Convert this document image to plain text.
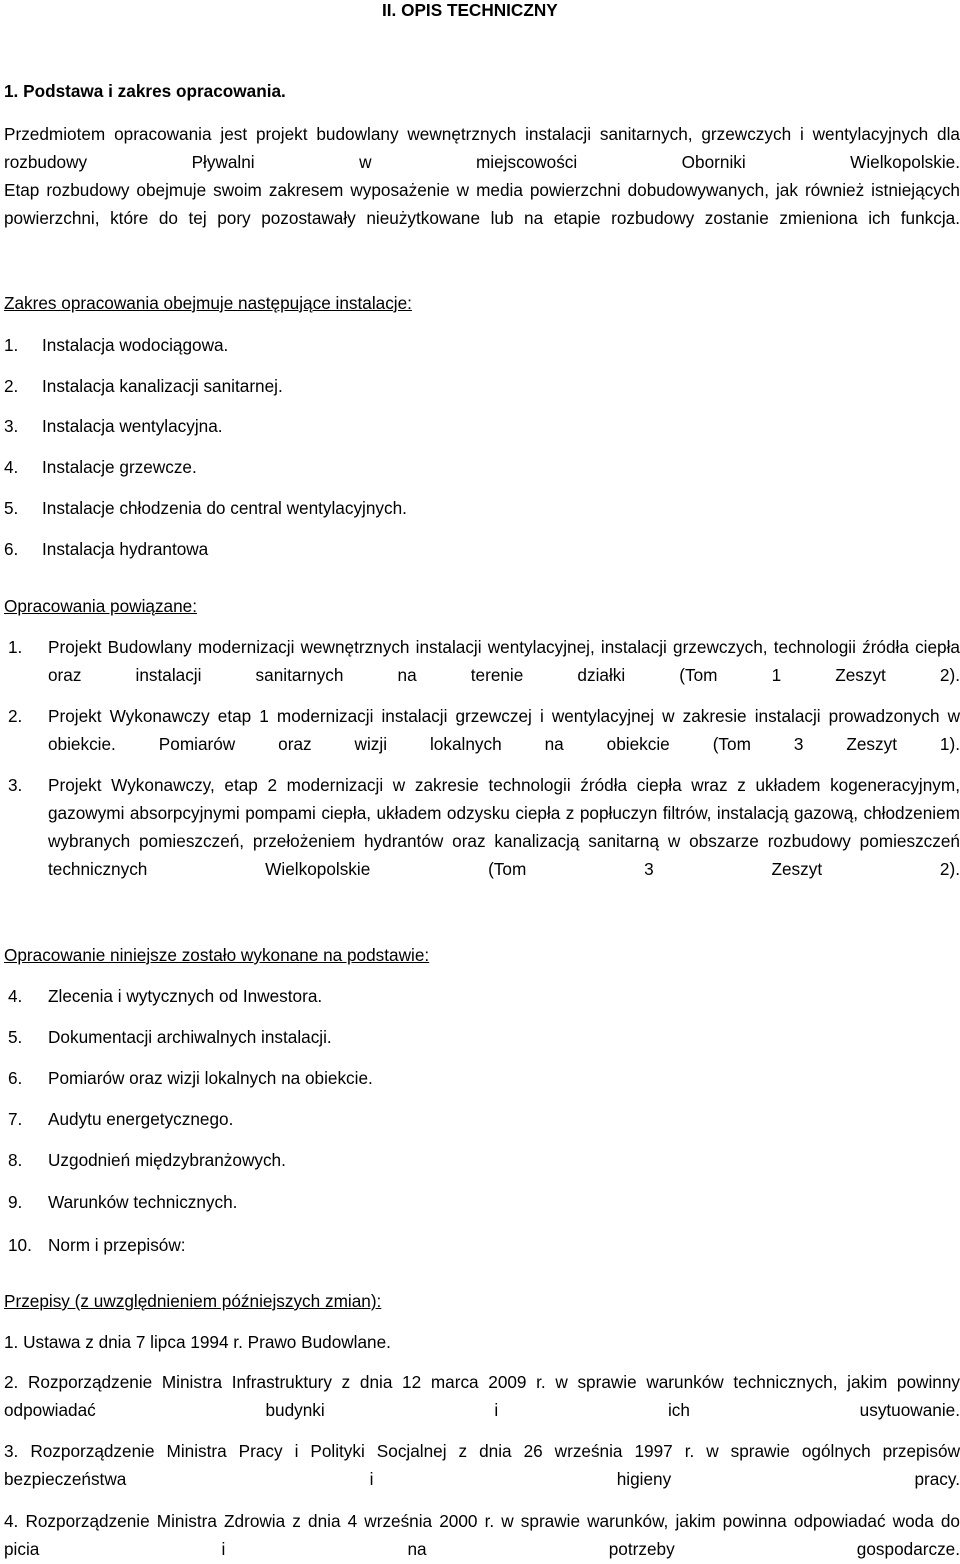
II. OPIS TECHNICZNY

1. Podstawa i zakres opracowania.

Przedmiotem opracowania jest projekt budowlany wewnętrznych instalacji sanitarnych, grzewczych i wentylacyjnych dla rozbudowy Pływalni w miejscowości Oborniki Wielkopolskie.

Etap rozbudowy obejmuje swoim zakresem wyposażenie w media powierzchni dobudowywanych, jak również istniejących powierzchni, które do tej pory pozostawały nieużytkowane lub na etapie rozbudowy zostanie zmieniona ich funkcja.

Zakres opracowania obejmuje następujące instalacje:

1. Instalacja wodociągowa.
2. Instalacja kanalizacji sanitarnej.
3. Instalacja wentylacyjna.
4. Instalacje grzewcze.
5. Instalacje chłodzenia do central wentylacyjnych.
6. Instalacja hydrantowa

Opracowania powiązane:

1. Projekt Budowlany modernizacji wewnętrznych instalacji wentylacyjnej, instalacji grzewczych, technologii źródła ciepła oraz instalacji sanitarnych na terenie działki (Tom 1 Zeszyt 2).

2. Projekt Wykonawczy etap 1 modernizacji instalacji grzewczej i wentylacyjnej w zakresie instalacji prowadzonych w obiekcie. Pomiarów oraz wizji lokalnych na obiekcie (Tom 3 Zeszyt 1).

3. Projekt Wykonawczy, etap 2 modernizacji w zakresie technologii źródła ciepła wraz z układem kogeneracyjnym, gazowymi absorpcyjnymi pompami ciepła, układem odzysku ciepła z popłuczyn filtrów, instalacją gazową, chłodzeniem wybranych pomieszczeń, przełożeniem hydrantów oraz kanalizacją sanitarną w obszarze rozbudowy pomieszczeń technicznych Wielkopolskie (Tom 3 Zeszyt 2).

Opracowanie niniejsze zostało wykonane na podstawie:

4. Zlecenia i wytycznych od Inwestora.
5. Dokumentacji archiwalnych instalacji.
6. Pomiarów oraz wizji lokalnych na obiekcie.
7. Audytu energetycznego.
8. Uzgodnień międzybranżowych.
9. Warunków technicznych.
10. Norm i przepisów:

Przepisy (z uwzględnieniem późniejszych zmian):

1. Ustawa z dnia 7 lipca 1994 r. Prawo Budowlane.

2. Rozporządzenie Ministra Infrastruktury z dnia 12 marca 2009 r. w sprawie warunków technicznych, jakim powinny odpowiadać budynki i ich usytuowanie.

3. Rozporządzenie Ministra Pracy i Polityki Socjalnej z dnia 26 września 1997 r. w sprawie ogólnych przepisów bezpieczeństwa i higieny pracy.

4. Rozporządzenie Ministra Zdrowia z dnia 4 września 2000 r. w sprawie warunków, jakim powinna odpowiadać woda do picia i na potrzeby gospodarcze.
